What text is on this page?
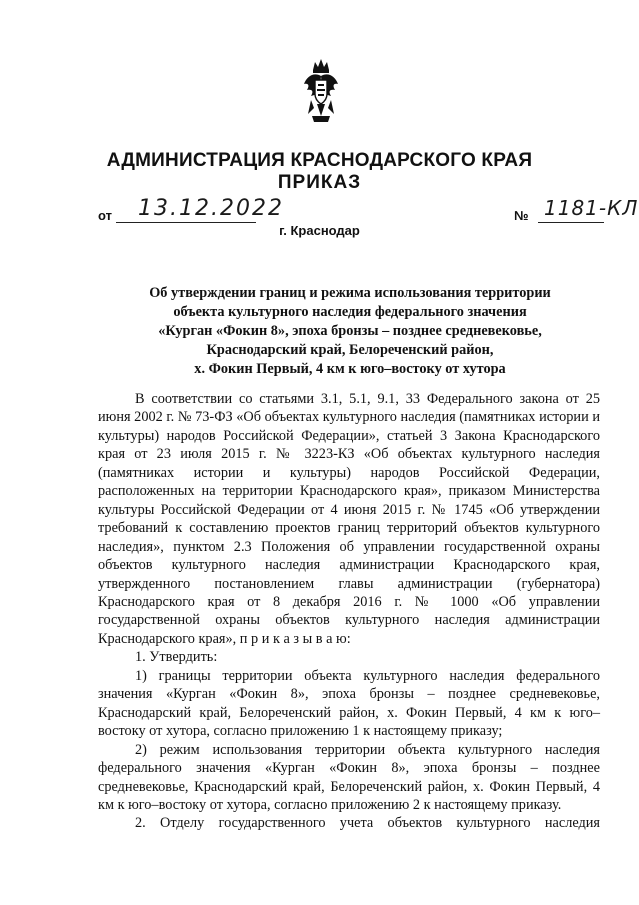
АДМИНИСТРАЦИЯ КРАСНОДАРСКОГО КРАЯ
ПРИКАЗ
от 13.12.2022
г. Краснодар
№ 1181-КЛ
Об утверждении границ и режима использования территории
объекта культурного наследия федерального значения
«Курган «Фокин 8», эпоха бронзы – позднее средневековье,
Краснодарский край, Белореченский район,
х. Фокин Первый, 4 км к юго–востоку от хутора

В соответствии со статьями 3.1, 5.1, 9.1, 33 Федерального закона от 25 июня 2002 г. № 73-ФЗ «Об объектах культурного наследия (памятниках истории и культуры) народов Российской Федерации», статьей 3 Закона Краснодарского края от 23 июля 2015 г. № 3223-КЗ «Об объектах культурного наследия (памятниках истории и культуры) народов Российской Федерации, расположенных на территории Краснодарского края», приказом Министерства культуры Российской Федерации от 4 июня 2015 г. № 1745 «Об утверждении требований к составлению проектов границ территорий объектов культурного наследия», пунктом 2.3 Положения об управлении государственной охраны объектов культурного наследия администрации Краснодарского края, утвержденного постановлением главы администрации (губернатора) Краснодарского края от 8 декабря 2016 г. № 1000 «Об управлении государственной охраны объектов культурного наследия администрации Краснодарского края», п р и к а з ы в а ю:

1. Утвердить:

1) границы территории объекта культурного наследия федерального значения «Курган «Фокин 8», эпоха бронзы – позднее средневековье, Краснодарский край, Белореченский район, х. Фокин Первый, 4 км к юго–востоку от хутора, согласно приложению 1 к настоящему приказу;

2) режим использования территории объекта культурного наследия федерального значения «Курган «Фокин 8», эпоха бронзы – позднее средневековье, Краснодарский край, Белореченский район, х. Фокин Первый, 4 км к юго–востоку от хутора, согласно приложению 2 к настоящему приказу.

2. Отделу государственного учета объектов культурного наследия
